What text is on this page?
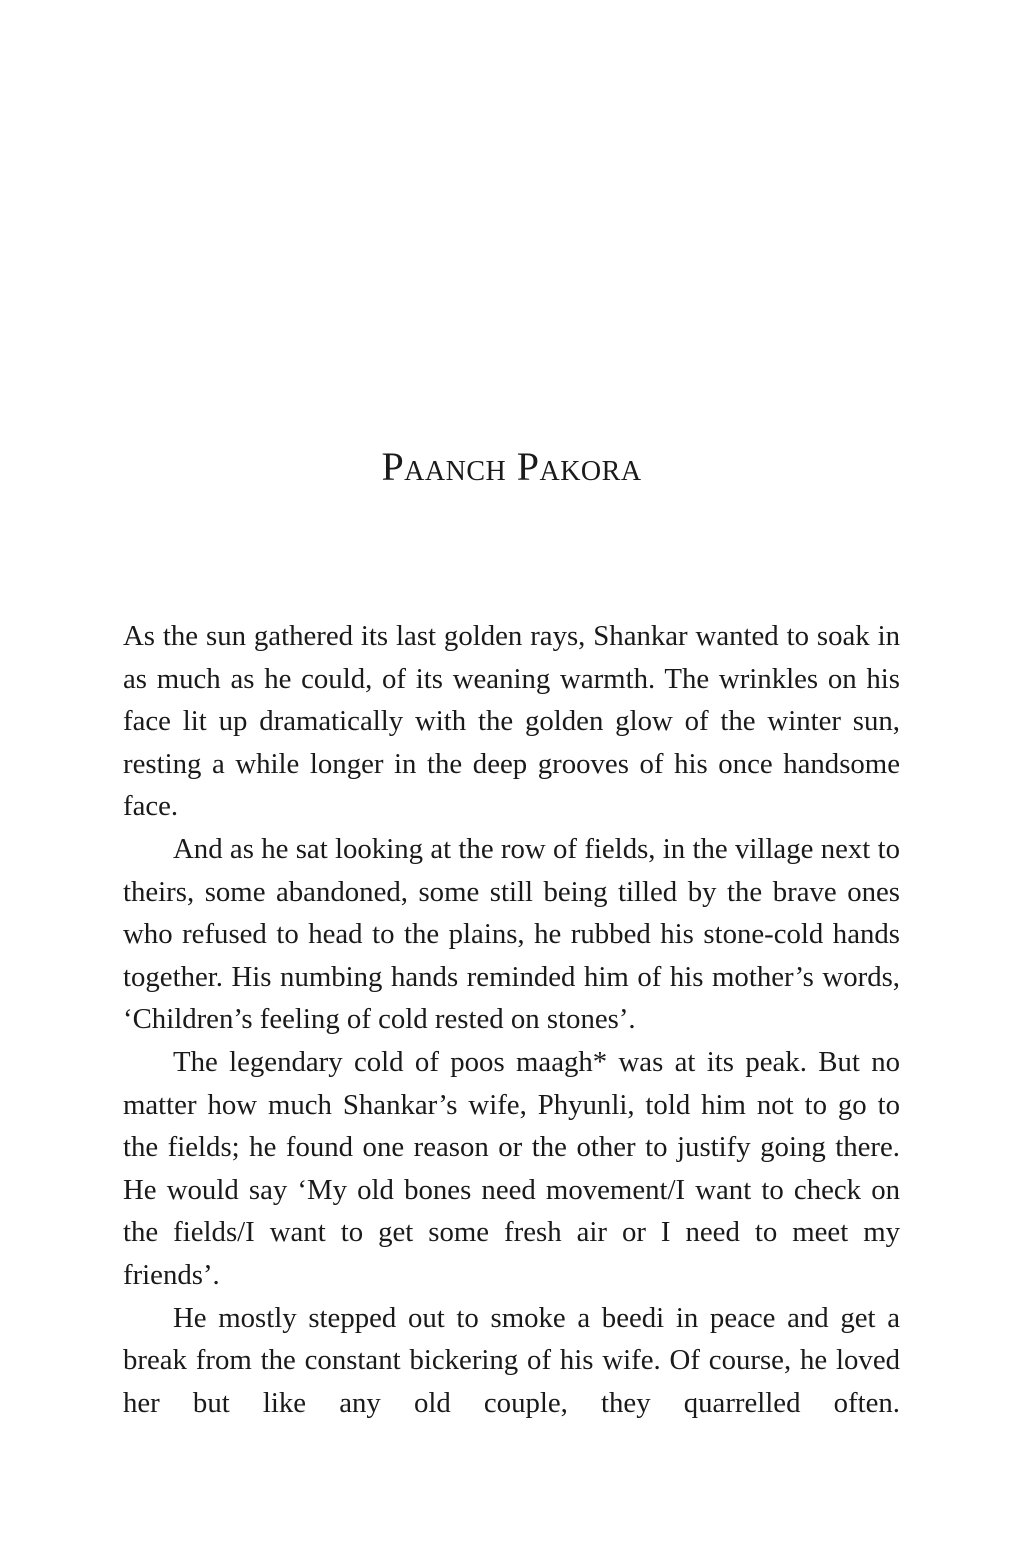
Paanch Pakora

As the sun gathered its last golden rays, Shankar wanted to soak in as much as he could, of its weaning warmth. The wrinkles on his face lit up dramatically with the golden glow of the winter sun, resting a while longer in the deep grooves of his once handsome face.

And as he sat looking at the row of fields, in the village next to theirs, some abandoned, some still being tilled by the brave ones who refused to head to the plains, he rubbed his stone-cold hands together. His numbing hands reminded him of his mother’s words, ‘Children’s feeling of cold rested on stones’.

The legendary cold of poos maagh* was at its peak. But no matter how much Shankar’s wife, Phyunli, told him not to go to the fields; he found one reason or the other to justify going there. He would say ‘My old bones need movement/I want to check on the fields/I want to get some fresh air or I need to meet my friends’.

He mostly stepped out to smoke a beedi in peace and get a break from the constant bickering of his wife. Of course, he loved her but like any old couple, they quarrelled often.
